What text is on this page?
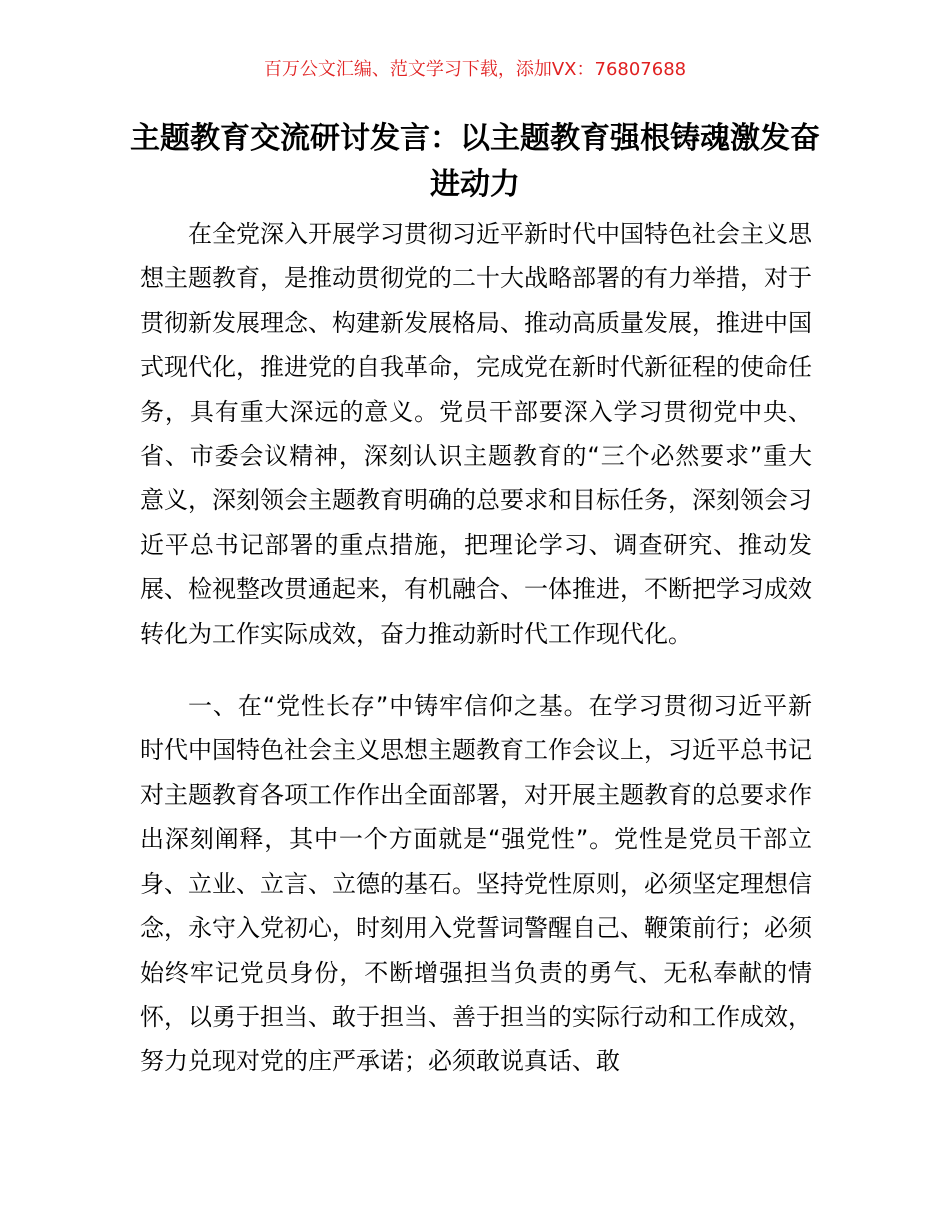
百万公文汇编、范文学习下载，添加VX：76807688
主题教育交流研讨发言：以主题教育强根铸魂激发奋进动力

在全党深入开展学习贯彻习近平新时代中国特色社会主义思想主题教育，是推动贯彻党的二十大战略部署的有力举措，对于贯彻新发展理念、构建新发展格局、推动高质量发展，推进中国式现代化，推进党的自我革命，完成党在新时代新征程的使命任务，具有重大深远的意义。党员干部要深入学习贯彻党中央、省、市委会议精神，深刻认识主题教育的“三个必然要求”重大意义，深刻领会主题教育明确的总要求和目标任务，深刻领会习近平总书记部署的重点措施，把理论学习、调查研究、推动发展、检视整改贯通起来，有机融合、一体推进，不断把学习成效转化为工作实际成效，奋力推动新时代工作现代化。

一、在“党性长存”中铸牢信仰之基。在学习贯彻习近平新时代中国特色社会主义思想主题教育工作会议上，习近平总书记对主题教育各项工作作出全面部署，对开展主题教育的总要求作出深刻阐释，其中一个方面就是“强党性”。党性是党员干部立身、立业、立言、立德的基石。坚持党性原则，必须坚定理想信念，永守入党初心，时刻用入党誓词警醒自己、鞭策前行；必须始终牢记党员身份，不断增强担当负责的勇气、无私奉献的情怀，以勇于担当、敢于担当、善于担当的实际行动和工作成效，努力兑现对党的庄严承诺；必须敢说真话、敢
